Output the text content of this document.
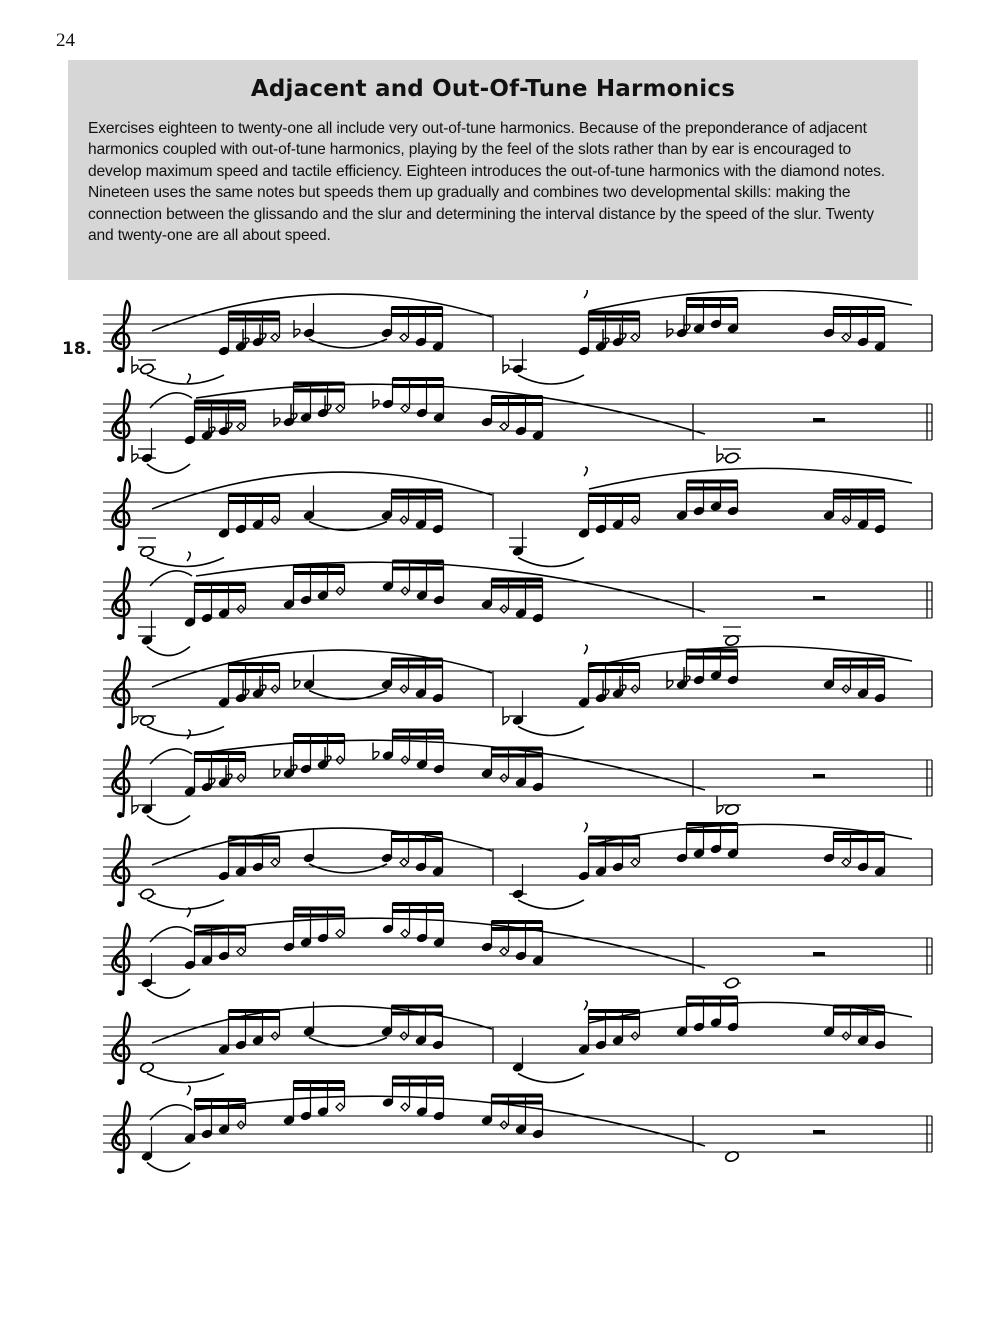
24
Adjacent and Out-Of-Tune Harmonics

Exercises eighteen to twenty-one all include very out-of-tune harmonics. Because of the preponderance of adjacent harmonics coupled with out-of-tune harmonics, playing by the feel of the slots rather than by ear is encouraged to develop maximum speed and tactile efficiency. Eighteen introduces the out-of-tune harmonics with the diamond notes. Nineteen uses the same notes but speeds them up gradually and combines two developmental skills: making the connection between the glissando and the slur and determining the interval distance by the speed of the slur. Twenty and twenty-one are all about speed.

18.
